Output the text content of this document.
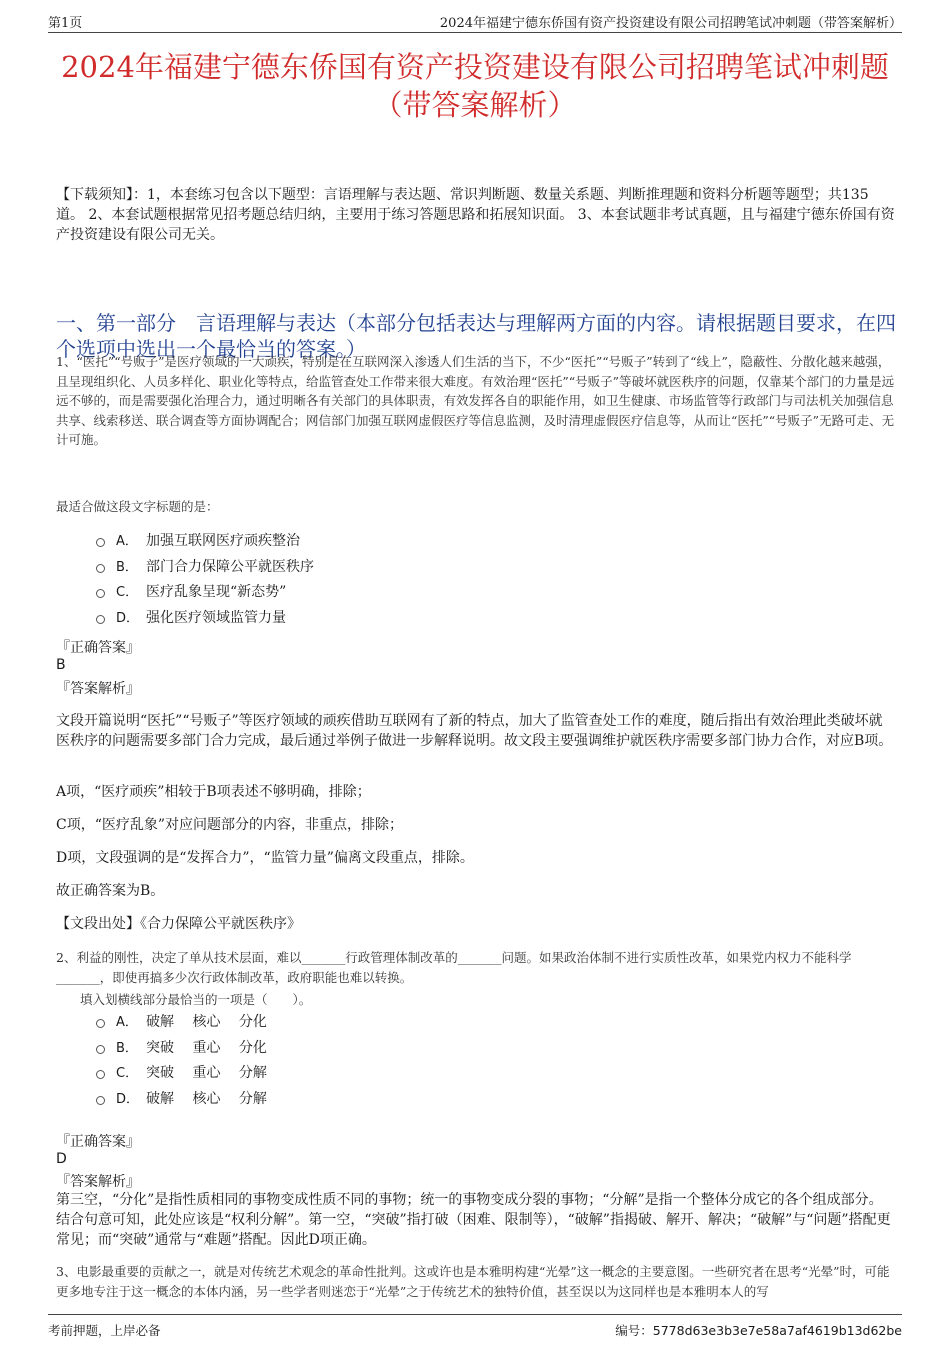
第1页	2024年福建宁德东侨国有资产投资建设有限公司招聘笔试冲刺题（带答案解析）
2024年福建宁德东侨国有资产投资建设有限公司招聘笔试冲刺题（带答案解析）
【下载须知】：1，本套练习包含以下题型：言语理解与表达题、常识判断题、数量关系题、判断推理题和资料分析题等题型；共135道。 2、本套试题根据常见招考题总结归纳，主要用于练习答题思路和拓展知识面。 3、本套试题非考试真题，且与福建宁德东侨国有资产投资建设有限公司无关。
一、第一部分　言语理解与表达（本部分包括表达与理解两方面的内容。请根据题目要求，在四个选项中选出一个最恰当的答案。）
1、“医托”“号贩子”是医疗领域的一大顽疾，特别是在互联网深入渗透人们生活的当下，不少“医托”“号贩子”转到了“线上”，隐蔽性、分散化越来越强，且呈现组织化、人员多样化、职业化等特点，给监管查处工作带来很大难度。有效治理“医托”“号贩子”等破坏就医秩序的问题，仅靠某个部门的力量是远远不够的，而是需要强化治理合力，通过明晰各有关部门的具体职责，有效发挥各自的职能作用，如卫生健康、市场监管等行政部门与司法机关加强信息共享、线索移送、联合调查等方面协调配合；网信部门加强互联网虚假医疗等信息监测，及时清理虚假医疗信息等，从而让“医托”“号贩子”无路可走、无计可施。
最适合做这段文字标题的是：
A． 加强互联网医疗顽疾整治
B． 部门合力保障公平就医秩序
C． 医疗乱象呈现“新态势”
D． 强化医疗领域监管力量
『正确答案』
B
『答案解析』
文段开篇说明“医托”“号贩子”等医疗领域的顽疾借助互联网有了新的特点，加大了监管查处工作的难度，随后指出有效治理此类破坏就医秩序的问题需要多部门合力完成，最后通过举例子做进一步解释说明。故文段主要强调维护就医秩序需要多部门协力合作，对应B项。
A项，“医疗顽疾”相较于B项表述不够明确，排除；
C项，“医疗乱象”对应问题部分的内容，非重点，排除；
D项，文段强调的是“发挥合力”，“监管力量”偏离文段重点，排除。
故正确答案为B。
【文段出处】《合力保障公平就医秩序》
2、利益的刚性，决定了单从技术层面，难以_______行政管理体制改革的_______问题。如果政治体制不进行实质性改革，如果党内权力不能科学_______，即使再搞多少次行政体制改革，政府职能也难以转换。
填入划横线部分最恰当的一项是（　　）。
A． 破解　 核心　 分化
B． 突破　 重心　 分化
C． 突破　 重心　 分解
D． 破解　 核心　 分解
『正确答案』
D
『答案解析』
第三空，“分化”是指性质相同的事物变成性质不同的事物；统一的事物变成分裂的事物；“分解”是指一个整体分成它的各个组成部分。结合句意可知，此处应该是“权利分解”。第一空，“突破”指打破（困难、限制等），“破解”指揭破、解开、解决；“破解”与“问题”搭配更常见；而“突破”通常与“难题”搭配。因此D项正确。
3、电影最重要的贡献之一，就是对传统艺术观念的革命性批判。这或许也是本雅明构建“光晕”这一概念的主要意图。一些研究者在思考“光晕”时，可能更多地专注于这一概念的本体内涵，另一些学者则迷恋于“光晕”之于传统艺术的独特价值，甚至误以为这同样也是本雅明本人的写
考前押题，上岸必备	编号：5778d63e3b3e7e58a7af4619b13d62be
